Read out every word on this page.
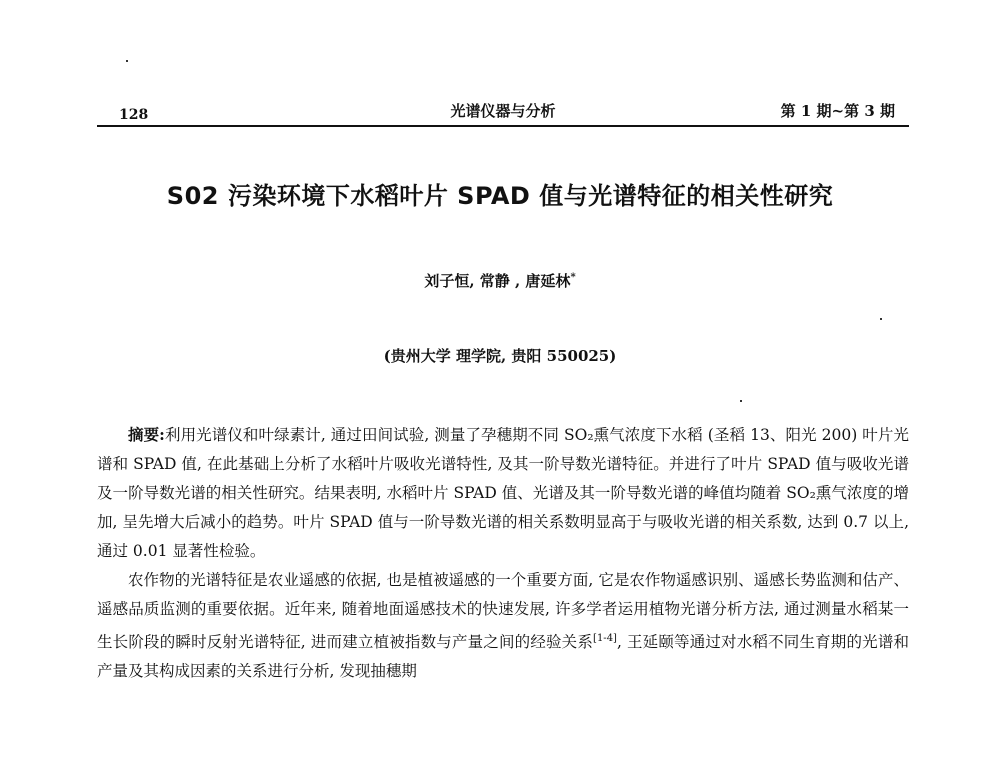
128	光谱仪器与分析	第 1 期~第 3 期
S02 污染环境下水稻叶片 SPAD 值与光谱特征的相关性研究
刘子恒, 常静 , 唐延林*
(贵州大学 理学院, 贵阳 550025)

摘要:利用光谱仪和叶绿素计, 通过田间试验, 测量了孕穗期不同 SO₂熏气浓度下水稻 (圣稻 13、阳光 200) 叶片光谱和 SPAD 值, 在此基础上分析了水稻叶片吸收光谱特性, 及其一阶导数光谱特征。并进行了叶片 SPAD 值与吸收光谱及一阶导数光谱的相关性研究。结果表明, 水稻叶片 SPAD 值、光谱及其一阶导数光谱的峰值均随着 SO₂熏气浓度的增加, 呈先增大后减小的趋势。叶片 SPAD 值与一阶导数光谱的相关系数明显高于与吸收光谱的相关系数, 达到 0.7 以上, 通过 0.01 显著性检验。

农作物的光谱特征是农业遥感的依据, 也是植被遥感的一个重要方面, 它是农作物遥感识别、遥感长势监测和估产、遥感品质监测的重要依据。近年来, 随着地面遥感技术的快速发展, 许多学者运用植物光谱分析方法, 通过测量水稻某一生长阶段的瞬时反射光谱特征, 进而建立植被指数与产量之间的经验关系[1-4], 王延颐等通过对水稻不同生育期的光谱和产量及其构成因素的关系进行分析, 发现抽穗期
